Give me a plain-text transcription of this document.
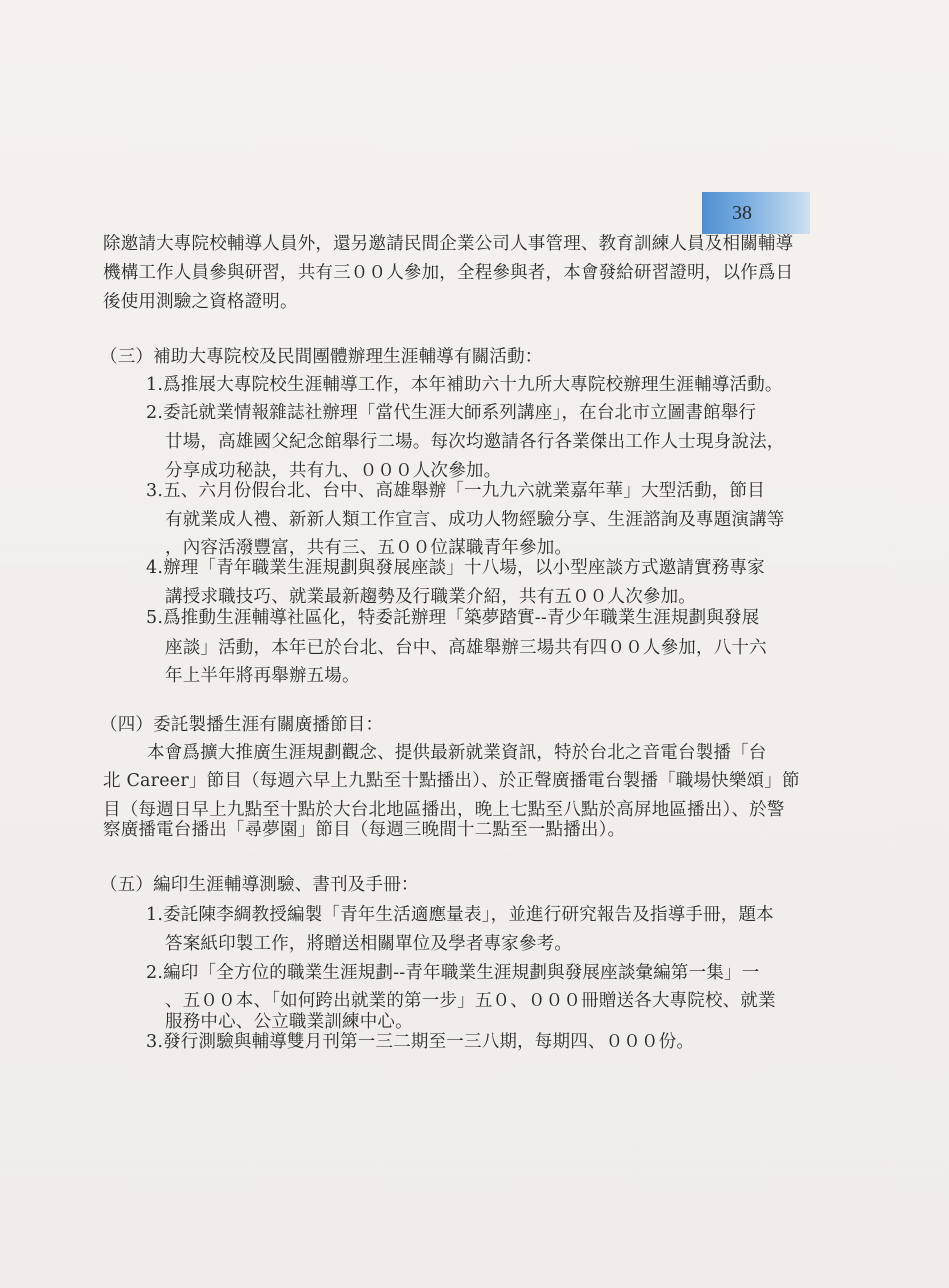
38
除邀請大專院校輔導人員外，還另邀請民間企業公司人事管理、教育訓練人員及相關輔導
機構工作人員參與研習，共有三００人參加，全程參與者，本會發給研習證明，以作爲日
後使用測驗之資格證明。
（三）補助大專院校及民間團體辦理生涯輔導有關活動：
1.爲推展大專院校生涯輔導工作，本年補助六十九所大專院校辦理生涯輔導活動。
2.委託就業情報雜誌社辦理「當代生涯大師系列講座」，在台北市立圖書館舉行
廿場，高雄國父紀念館舉行二場。每次均邀請各行各業傑出工作人士現身說法，
分享成功秘訣，共有九、０００人次參加。
3.五、六月份假台北、台中、高雄舉辦「一九九六就業嘉年華」大型活動，節目
有就業成人禮、新新人類工作宣言、成功人物經驗分享、生涯諮詢及專題演講等
，內容活潑豐富，共有三、五００位謀職青年參加。
4.辦理「青年職業生涯規劃與發展座談」十八場，以小型座談方式邀請實務專家
講授求職技巧、就業最新趨勢及行職業介紹，共有五００人次參加。
5.爲推動生涯輔導社區化，特委託辦理「築夢踏實--青少年職業生涯規劃與發展
座談」活動，本年已於台北、台中、高雄舉辦三場共有四００人參加，八十六
年上半年將再舉辦五場。
（四）委託製播生涯有關廣播節目：
本會爲擴大推廣生涯規劃觀念、提供最新就業資訊，特於台北之音電台製播「台
北 Career」節目（每週六早上九點至十點播出）、於正聲廣播電台製播「職場快樂頌」節
目（每週日早上九點至十點於大台北地區播出，晚上七點至八點於高屏地區播出）、於警
察廣播電台播出「尋夢園」節目（每週三晚間十二點至一點播出）。
（五）編印生涯輔導測驗、書刊及手冊：
1.委託陳李綢教授編製「青年生活適應量表」，並進行研究報告及指導手冊，題本
答案紙印製工作，將贈送相關單位及學者專家參考。
2.編印「全方位的職業生涯規劃--青年職業生涯規劃與發展座談彙編第一集」一
、五００本、「如何跨出就業的第一步」五０、０００冊贈送各大專院校、就業
服務中心、公立職業訓練中心。
3.發行測驗與輔導雙月刊第一三二期至一三八期，每期四、０００份。
